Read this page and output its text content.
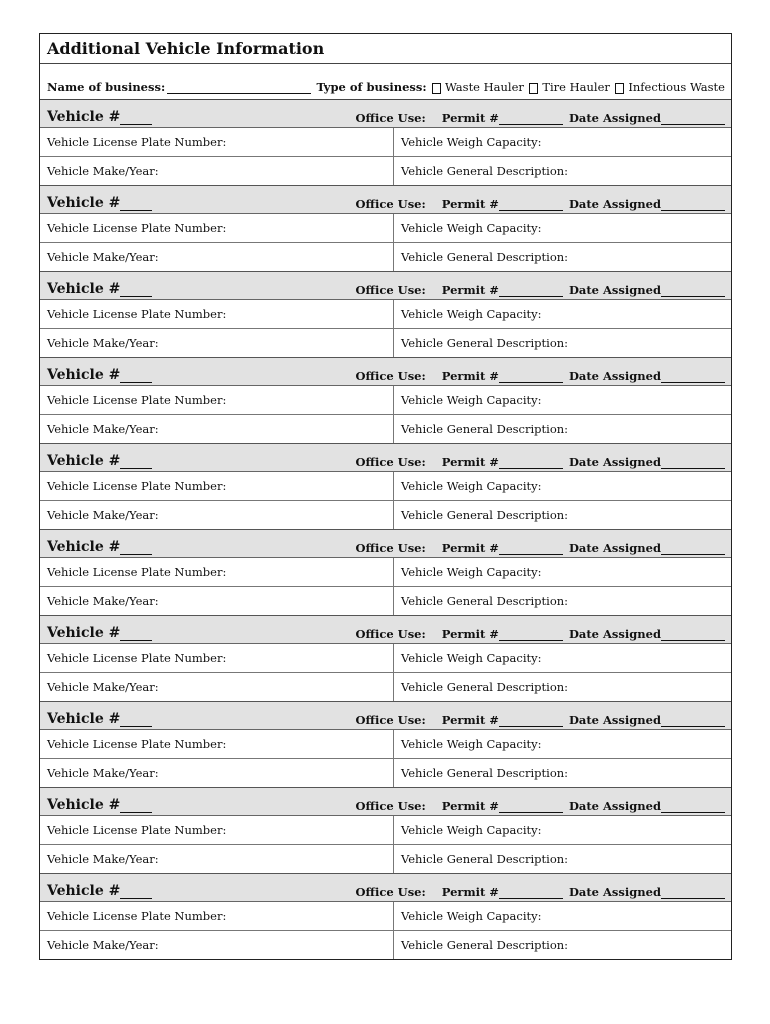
Additional Vehicle Information
Name of business:	Type of business: Waste Hauler Tire Hauler Infectious Waste
Vehicle #	Office Use: Permit #	Date Assigned
Vehicle License Plate Number:	Vehicle Weigh Capacity:
Vehicle Make/Year:	Vehicle General Description:
Vehicle #	Office Use: Permit #	Date Assigned
Vehicle License Plate Number:	Vehicle Weigh Capacity:
Vehicle Make/Year:	Vehicle General Description:
Vehicle #	Office Use: Permit #	Date Assigned
Vehicle License Plate Number:	Vehicle Weigh Capacity:
Vehicle Make/Year:	Vehicle General Description:
Vehicle #	Office Use: Permit #	Date Assigned
Vehicle License Plate Number:	Vehicle Weigh Capacity:
Vehicle Make/Year:	Vehicle General Description:
Vehicle #	Office Use: Permit #	Date Assigned
Vehicle License Plate Number:	Vehicle Weigh Capacity:
Vehicle Make/Year:	Vehicle General Description:
Vehicle #	Office Use: Permit #	Date Assigned
Vehicle License Plate Number:	Vehicle Weigh Capacity:
Vehicle Make/Year:	Vehicle General Description:
Vehicle #	Office Use: Permit #	Date Assigned
Vehicle License Plate Number:	Vehicle Weigh Capacity:
Vehicle Make/Year:	Vehicle General Description:
Vehicle #	Office Use: Permit #	Date Assigned
Vehicle License Plate Number:	Vehicle Weigh Capacity:
Vehicle Make/Year:	Vehicle General Description:
Vehicle #	Office Use: Permit #	Date Assigned
Vehicle License Plate Number:	Vehicle Weigh Capacity:
Vehicle Make/Year:	Vehicle General Description:
Vehicle #	Office Use: Permit #	Date Assigned
Vehicle License Plate Number:	Vehicle Weigh Capacity:
Vehicle Make/Year:	Vehicle General Description:
